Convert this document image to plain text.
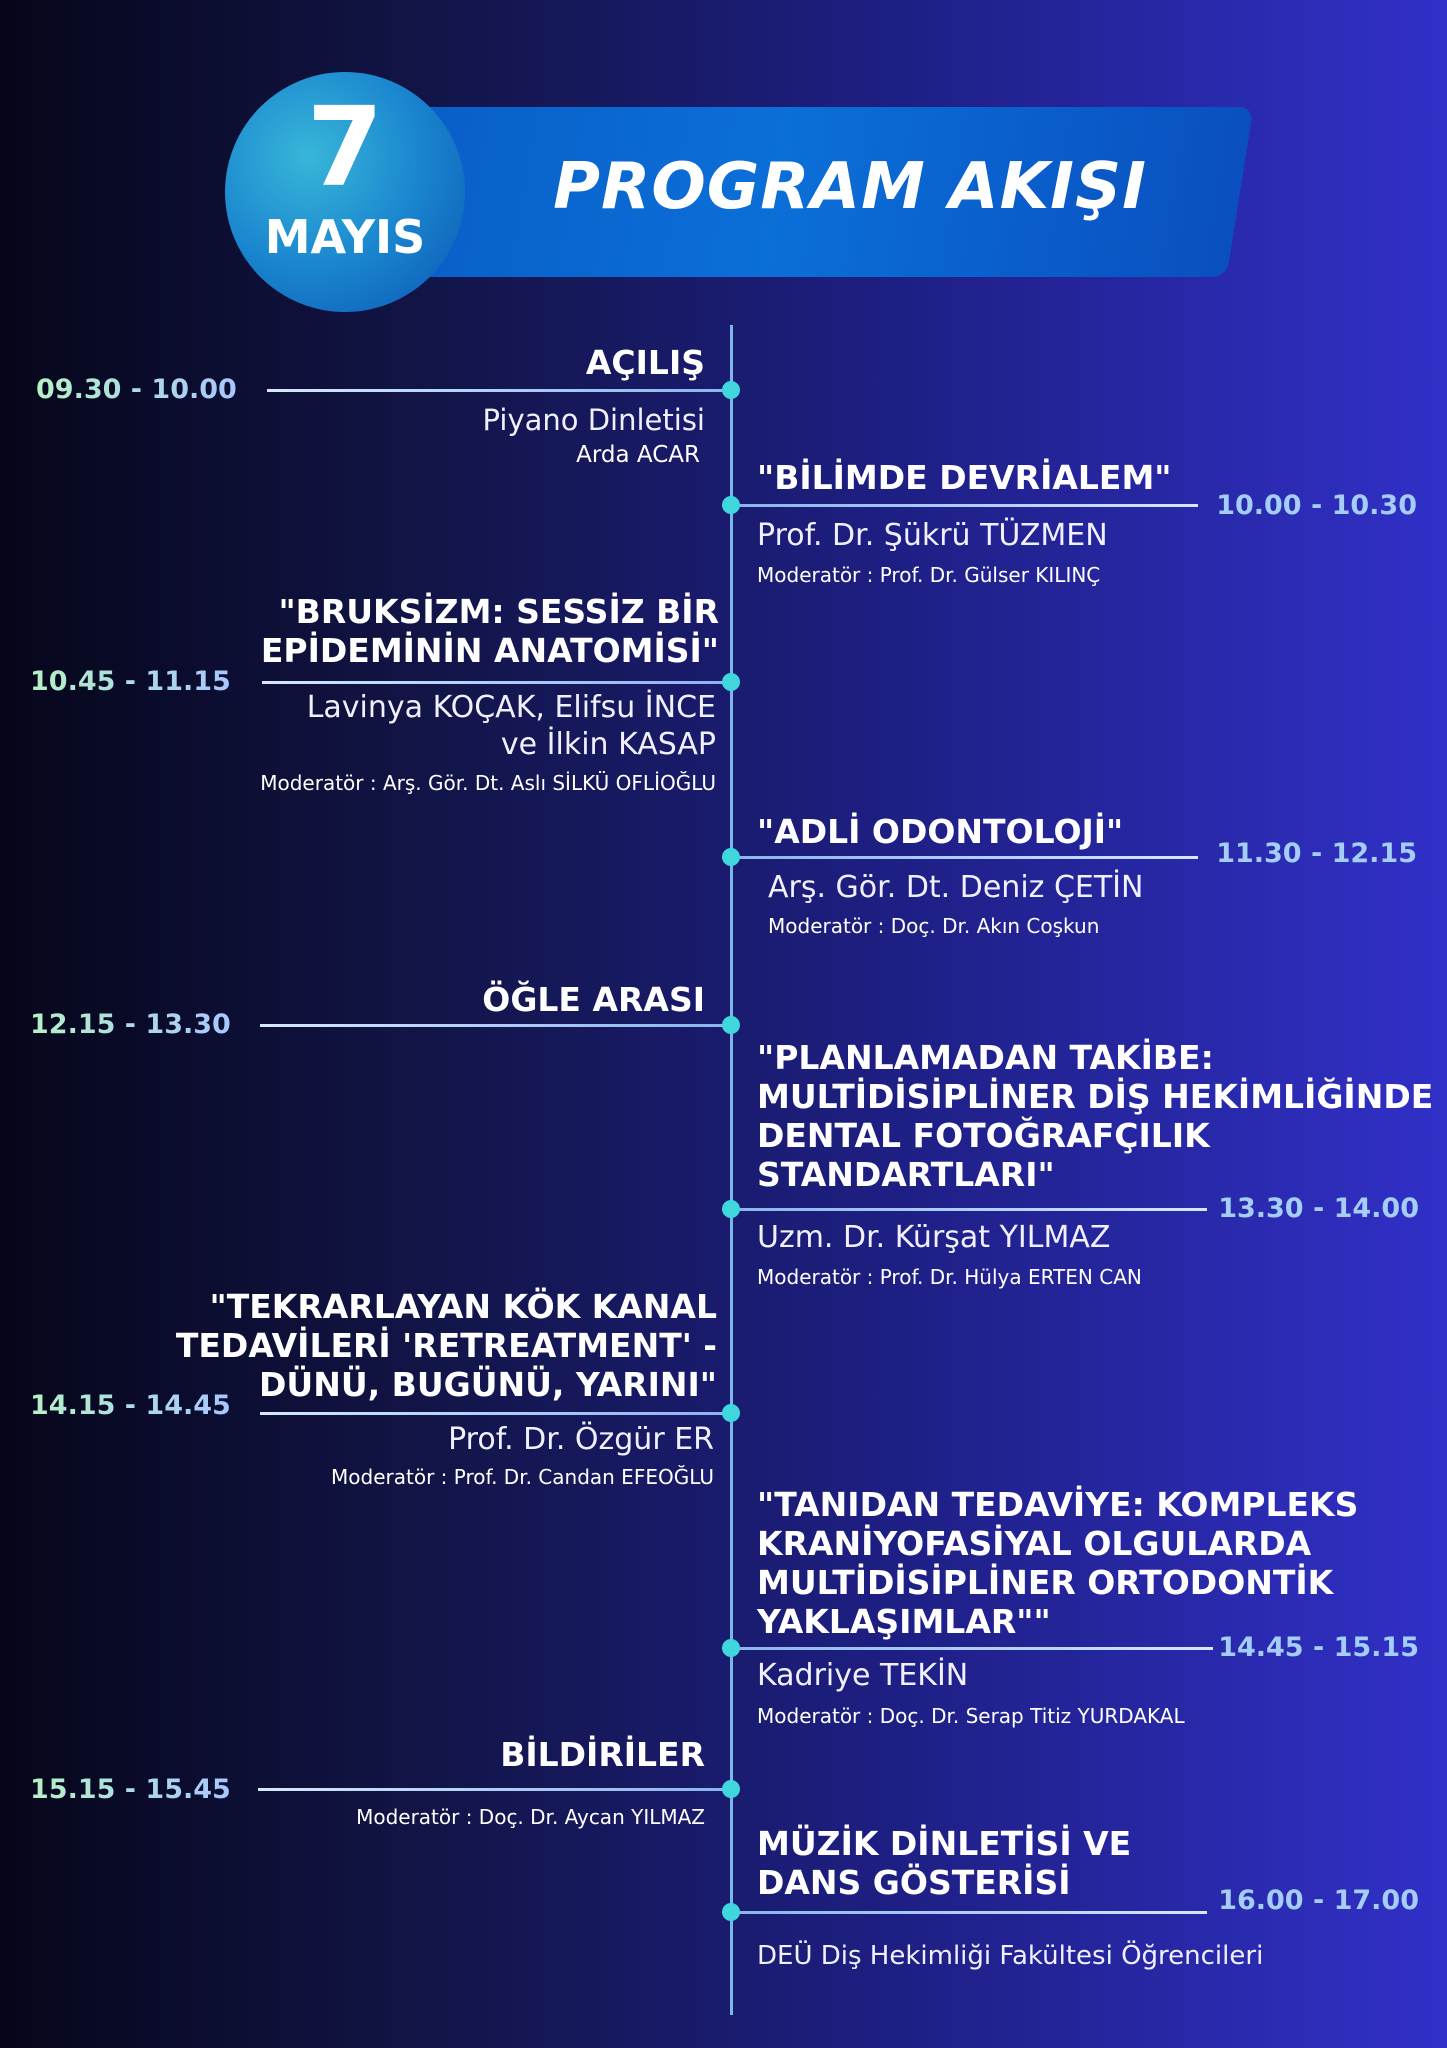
PROGRAM AKIŞI
7
MAYIS
09.30 - 10.00
AÇILIŞ
Piyano Dinletisi
Arda ACAR
10.00 - 10.30
"BİLİMDE DEVRİALEM"
Prof. Dr. Şükrü TÜZMEN
Moderatör : Prof. Dr. Gülser KILINÇ
10.45 - 11.15
"BRUKSİZM: SESSİZ BİR
EPİDEMİNİN ANATOMİSİ"
Lavinya KOÇAK, Elifsu İNCE
ve İlkin KASAP
Moderatör : Arş. Gör. Dt. Aslı SİLKÜ OFLİOĞLU
11.30 - 12.15
"ADLİ ODONTOLOJİ"
Arş. Gör. Dt. Deniz ÇETİN
Moderatör : Doç. Dr. Akın Coşkun
12.15 - 13.30
ÖĞLE ARASI
13.30 - 14.00
"PLANLAMADAN TAKİBE:
MULTİDİSİPLİNER DİŞ HEKİMLİĞİNDE
DENTAL FOTOĞRAFÇILIK
STANDARTLARI"
Uzm. Dr. Kürşat YILMAZ
Moderatör : Prof. Dr. Hülya ERTEN CAN
14.15 - 14.45
"TEKRARLAYAN KÖK KANAL
TEDAVİLERİ 'RETREATMENT' -
DÜNÜ, BUGÜNÜ, YARINI"
Prof. Dr. Özgür ER
Moderatör : Prof. Dr. Candan EFEOĞLU
14.45 - 15.15
"TANIDAN TEDAVİYE: KOMPLEKS
KRANİYOFASİYAL OLGULARDA
MULTİDİSİPLİNER ORTODONTİK
YAKLAŞIMLAR""
Kadriye TEKİN
Moderatör : Doç. Dr. Serap Titiz YURDAKAL
15.15 - 15.45
BİLDİRİLER
Moderatör : Doç. Dr. Aycan YILMAZ
16.00 - 17.00
MÜZİK DİNLETİSİ VE
DANS GÖSTERİSİ
DEÜ Diş Hekimliği Fakültesi Öğrencileri
